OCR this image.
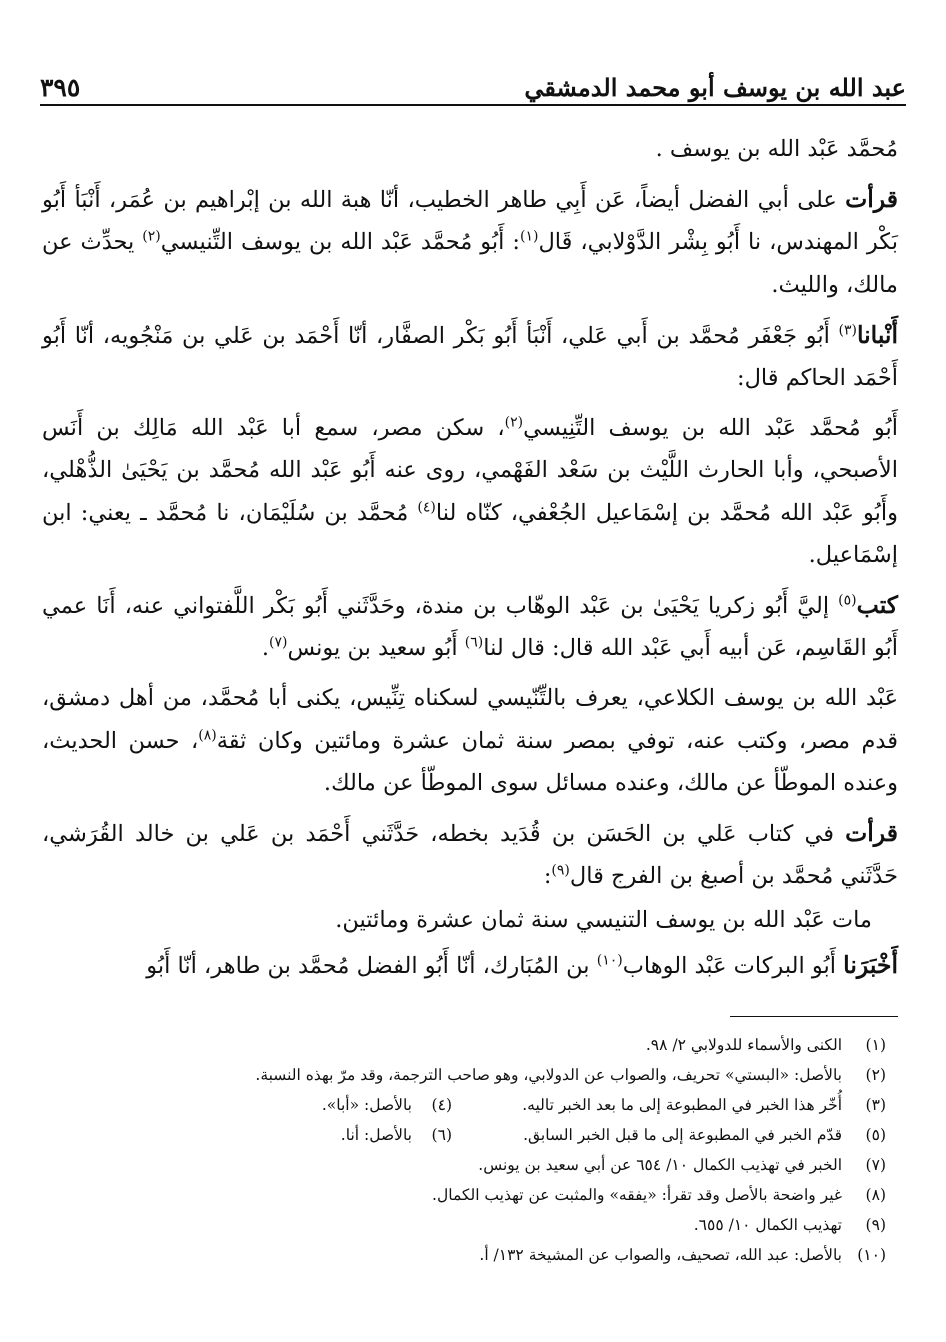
عبد الله بن يوسف أبو محمد الدمشقي
٣٩٥

مُحمَّد عَبْد الله بن يوسف .

قرأت على أبي الفضل أيضاً، عَن أَبِي طاهر الخطيب، أنّا هبة الله بن إبْراهيم بن عُمَر، أَنْبَأ أَبُو بَكْر المهندس، نا أَبُو بِشْر الدَّوْلابي، قَال$^{(١)}$: أَبُو مُحمَّد عَبْد الله بن يوسف التِّنيسي$^{(٢)}$ يحدِّث عن مالك، والليث.

أَنْبانا$^{(٣)}$ أَبُو جَعْفَر مُحمَّد بن أَبي عَلي، أَنْبَأ أَبُو بَكْر الصفَّار، أنّا أَحْمَد بن عَلي بن مَنْجُويه، أنّا أَبُو أَحْمَد الحاكم قال:

أَبُو مُحمَّد عَبْد الله بن يوسف التِّنِيسي$^{(٢)}$، سكن مصر، سمع أبا عَبْد الله مَالِك بن أَنَس الأصبحي، وأبا الحارث اللَّيْث بن سَعْد الفَهْمي، روى عنه أَبُو عَبْد الله مُحمَّد بن يَحْيَىٰ الذُّهْلي، وأَبُو عَبْد الله مُحمَّد بن إسْمَاعيل الجُعْفي، كنّاه لنا$^{(٤)}$ مُحمَّد بن سُلَيْمَان، نا مُحمَّد ـ يعني: ابن إسْمَاعيل.

كتب$^{(٥)}$ إليَّ أَبُو زكريا يَحْيَىٰ بن عَبْد الوهّاب بن مندة، وحَدَّثَني أَبُو بَكْر اللَّفتواني عنه، أَنَا عمي أَبُو القَاسِم، عَن أبيه أَبي عَبْد الله قال: قال لنا$^{(٦)}$ أَبُو سعيد بن يونس$^{(٧)}$.

عَبْد الله بن يوسف الكلاعي، يعرف بالتِّنّيسي لسكناه تِنِّيس، يكنى أبا مُحمَّد، من أهل دمشق، قدم مصر، وكتب عنه، توفي بمصر سنة ثمان عشرة ومائتين وكان ثقة$^{(٨)}$، حسن الحديث، وعنده الموطّأ عن مالك، وعنده مسائل سوى الموطّأ عن مالك.

قرأت في كتاب عَلي بن الحَسَن بن قُدَيد بخطه، حَدَّثَني أَحْمَد بن عَلي بن خالد القُرَشي، حَدَّثَني مُحمَّد بن أصبغ بن الفرج قال$^{(٩)}$:

مات عَبْد الله بن يوسف التنيسي سنة ثمان عشرة ومائتين.

أَخْبَرَنا أَبُو البركات عَبْد الوهاب$^{(١٠)}$ بن المُبَارك، أنّا أَبُو الفضل مُحمَّد بن طاهر، أنّا أَبُو

(١)
الكنى والأسماء للدولابي ٢/ ٩٨.
(٢)
بالأصل: «البستي» تحريف، والصواب عن الدولابي، وهو صاحب الترجمة، وقد مرّ بهذه النسبة.
(٣)
أُخّر هذا الخبر في المطبوعة إلى ما بعد الخبر تاليه.
(٤)
بالأصل: «أبا».
(٥)
قدّم الخبر في المطبوعة إلى ما قبل الخبر السابق.
(٦)
بالأصل: أنا.
(٧)
الخبر في تهذيب الكمال ١٠/ ٦٥٤ عن أبي سعيد بن يونس.
(٨)
غير واضحة بالأصل وقد تقرأ: «يفقه» والمثبت عن تهذيب الكمال.
(٩)
تهذيب الكمال ١٠/ ٦٥٥.
(١٠)
بالأصل: عبد الله، تصحيف، والصواب عن المشيخة ١٣٢/ أ.
